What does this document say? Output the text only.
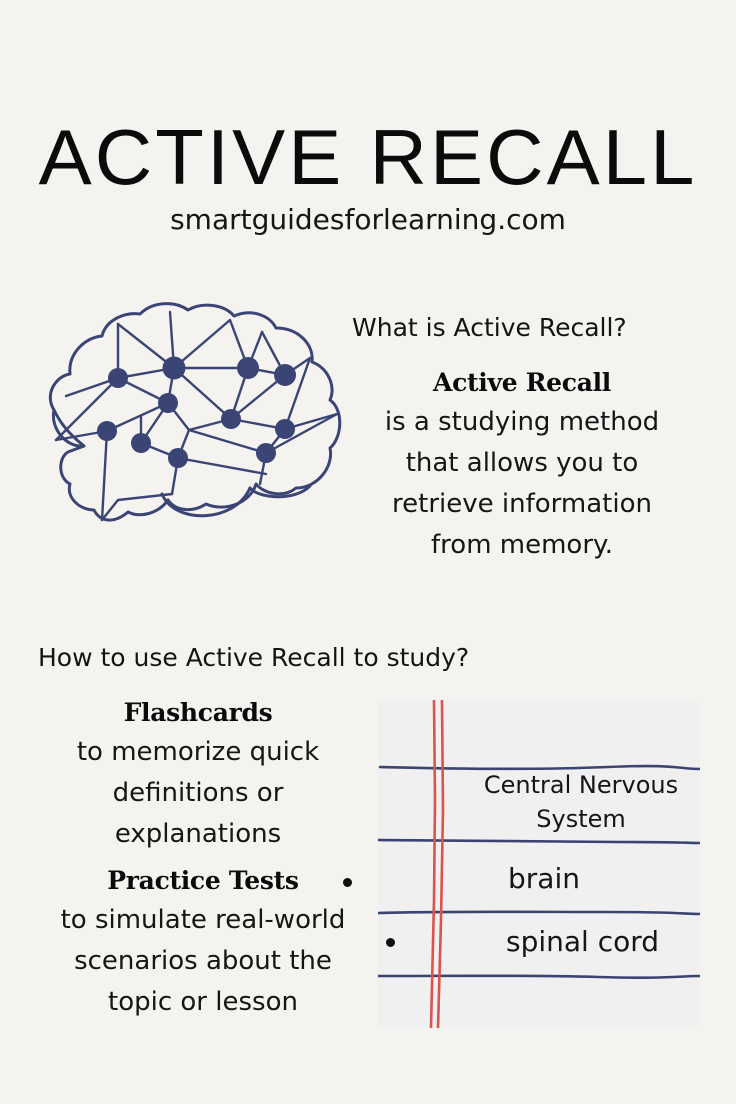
ACTIVE RECALL
smartguidesforlearning.com
What is Active Recall?
Active Recall
is a studying method
that allows you to
retrieve information
from memory.
How to use Active Recall to study?
Flashcards
to memorize quick
definitions or
explanations
Practice Tests
to simulate real-world
scenarios about the
topic or lesson
Central Nervous
System
brain
spinal cord
